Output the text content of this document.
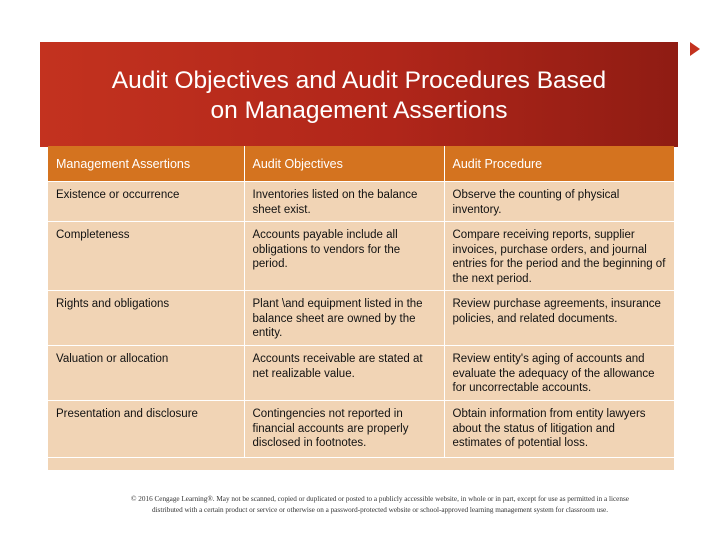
Audit Objectives and Audit Procedures Based
on Management Assertions
Management Assertions	Audit Objectives	Audit Procedure
Existence or occurrence	Inventories listed on the balance sheet exist.	Observe the counting of physical inventory.
Completeness	Accounts payable include all obligations to vendors for the period.	Compare receiving reports, supplier invoices, purchase orders, and journal entries for the period and the beginning of the next period.
Rights and obligations	Plant \and equipment listed in the balance sheet are owned by the entity.	Review purchase agreements, insurance policies, and related documents.
Valuation or allocation	Accounts receivable are stated at net realizable value.	Review entity's aging of accounts and evaluate the adequacy of the allowance for uncorrectable accounts.
Presentation and disclosure	Contingencies not reported in financial accounts are properly disclosed in footnotes.	Obtain information from entity lawyers about the status of litigation and estimates of potential loss.
© 2016 Cengage Learning®. May not be scanned, copied or duplicated or posted to a publicly accessible website, in whole or in part, except for use as permitted in a license
distributed with a certain product or service or otherwise on a password-protected website or school-approved learning management system for classroom use.
